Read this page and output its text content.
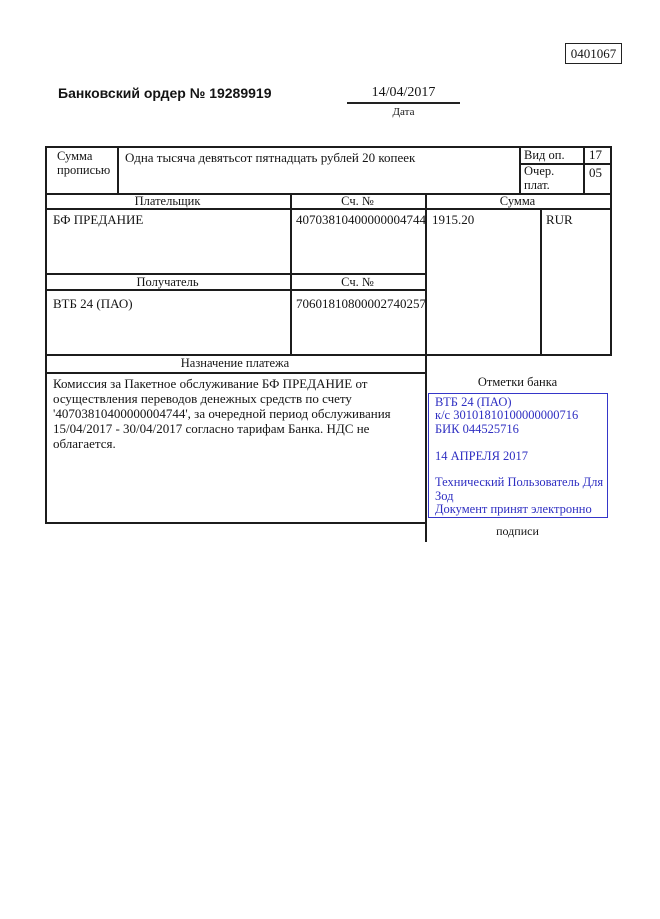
0401067
Банковский ордер № 19289919	14/04/2017
Дата
Сумма прописью
Одна тысяча девятьсот пятнадцать рублей 20 копеек	Вид оп. 17
Очер. плат.
05
Плательщик	Сч. №	Сумма
БФ ПРЕДАНИЕ	40703810400000004744 1915.20	RUR
Получатель	Сч. №
ВТБ 24 (ПАО)	70601810800002740257
Назначение платежа
Комиссия за Пакетное обслуживание БФ ПРЕДАНИЕ от осуществления переводов денежных средств по счету '40703810400000004744', за очередной период обслуживания 15/04/2017 - 30/04/2017 согласно тарифам Банка. НДС не облагается.
Отметки банка
ВТБ 24 (ПАО)
к/с 30101810100000000716
БИК 044525716
14 АПРЕЛЯ 2017
Технический Пользователь Для Зод
Документ принят электронно
подписи
